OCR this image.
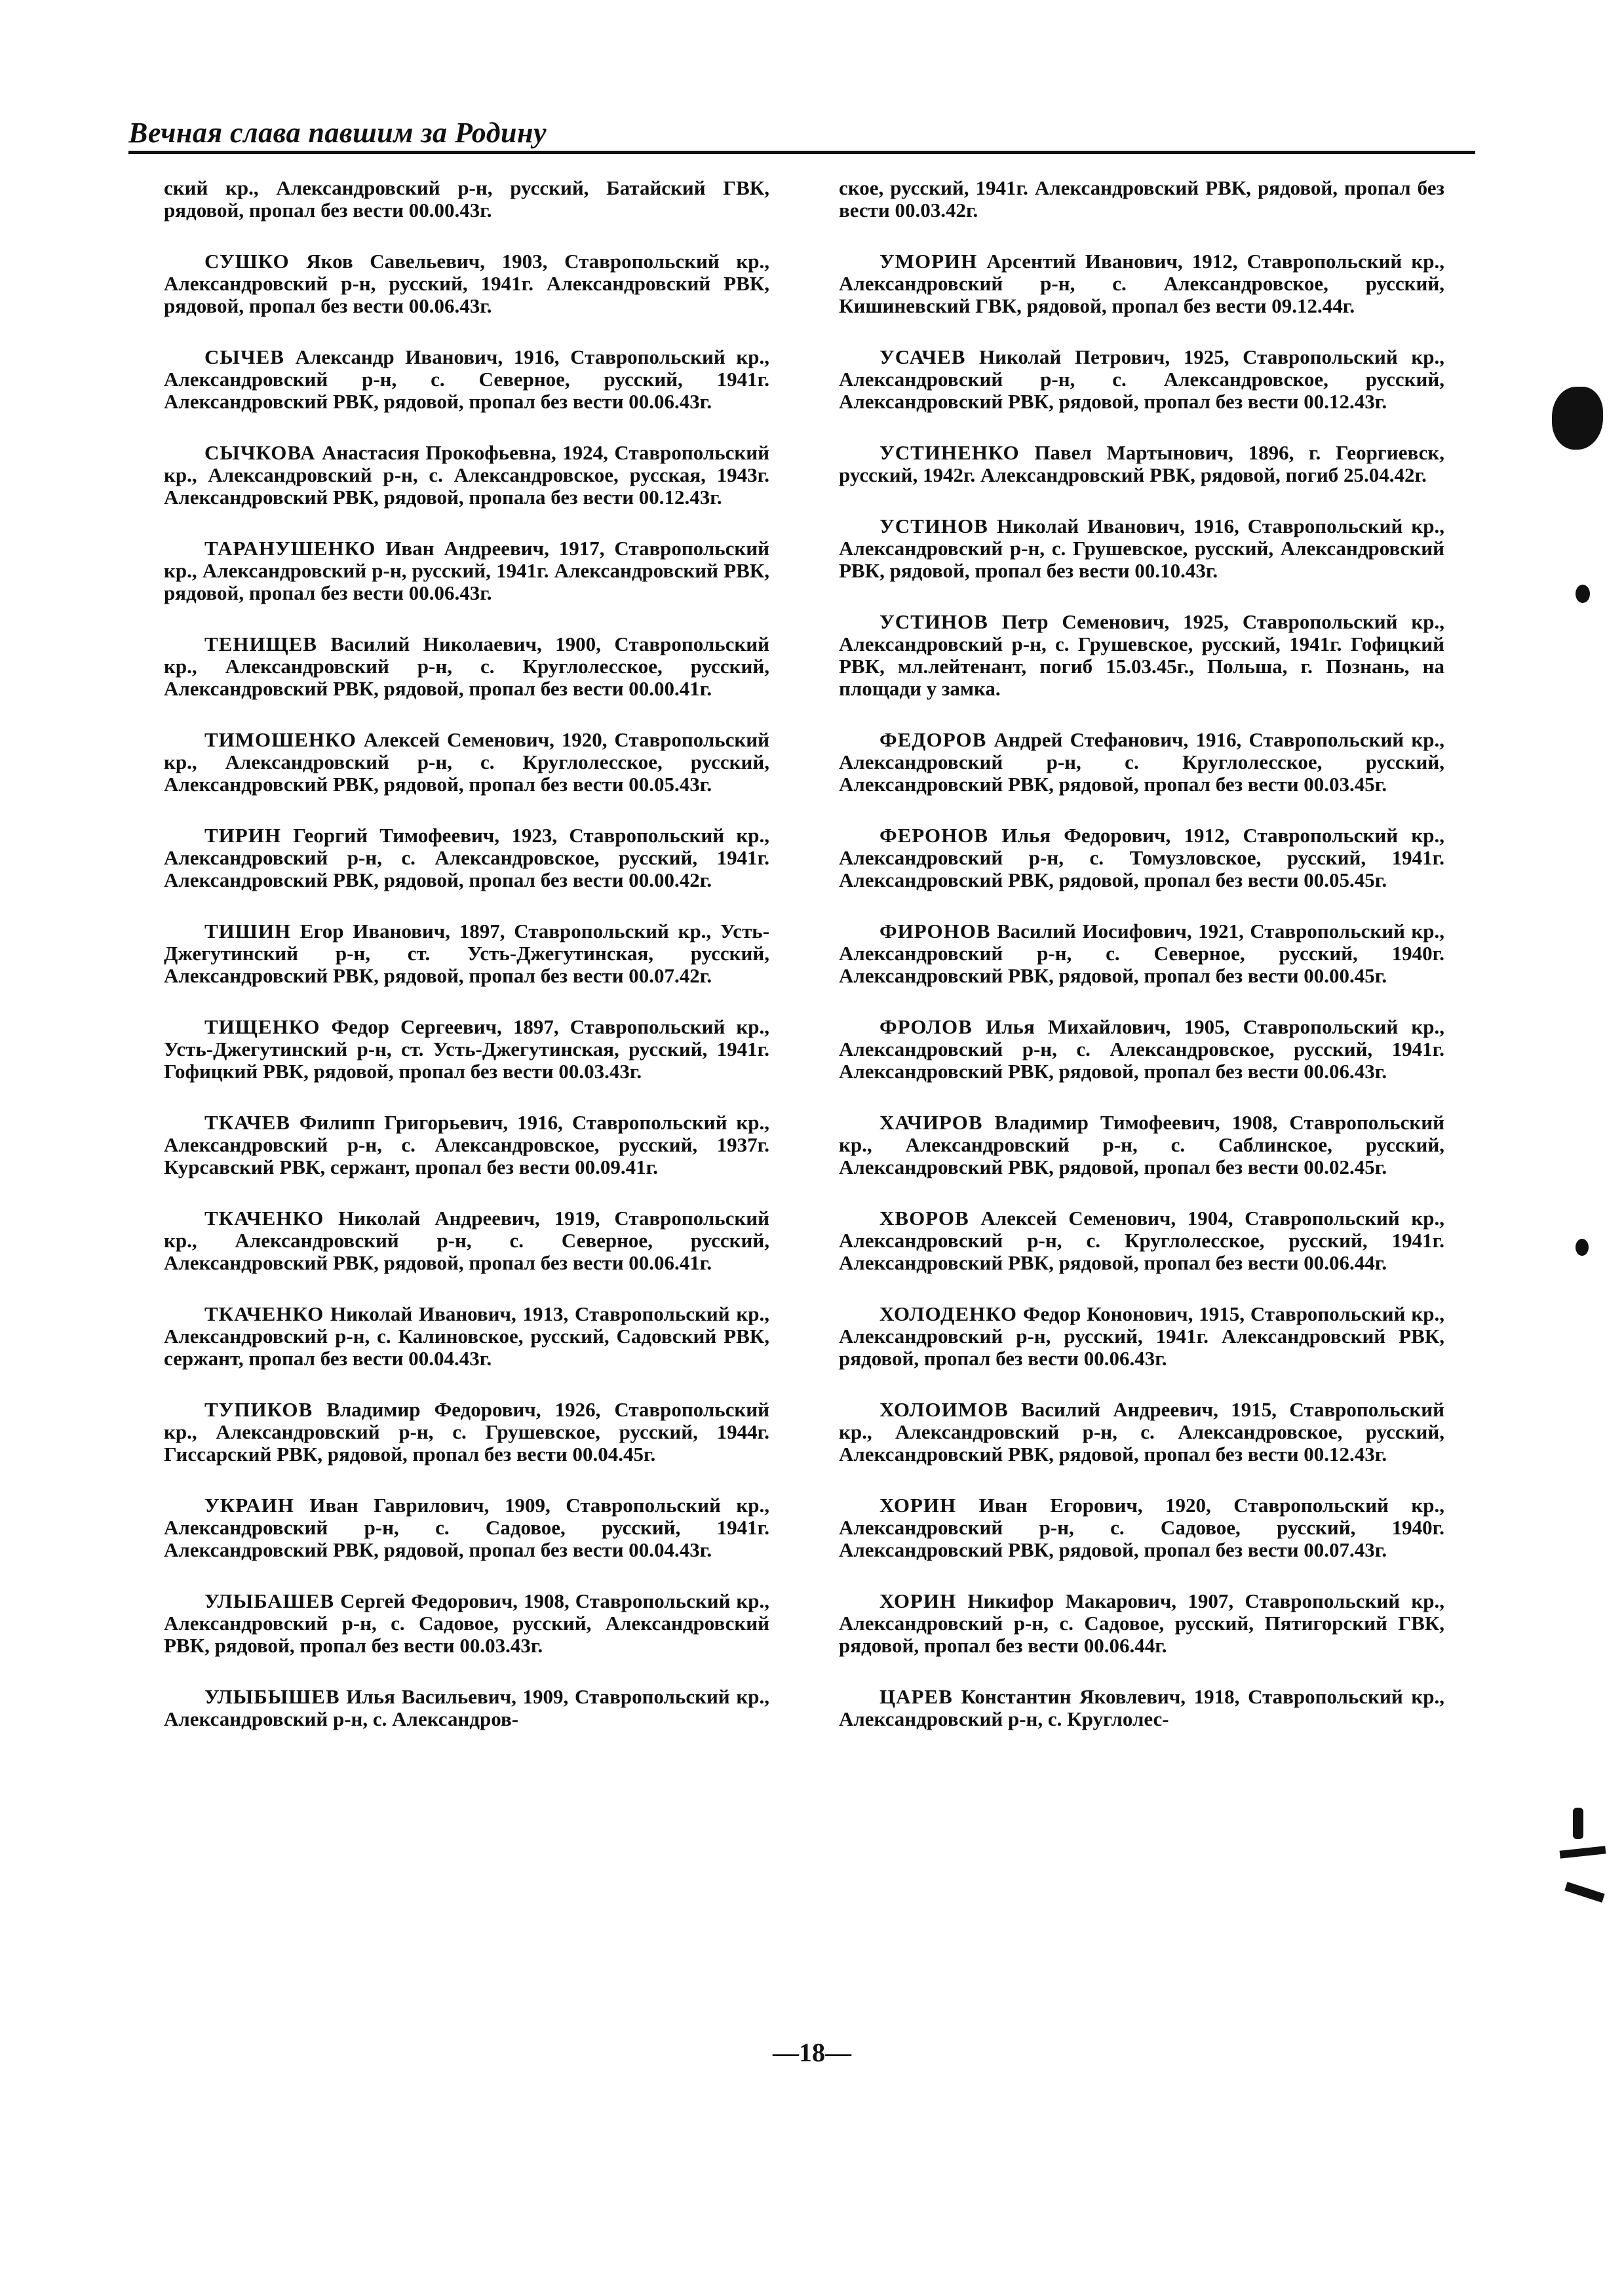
Вечная слава павшим за Родину

ский кр., Александровский р-н, русский, Батайский ГВК, рядовой, пропал без вести 00.00.43г.

СУШКО Яков Савельевич, 1903, Ставропольский кр., Александровский р-н, русский, 1941г. Александровский РВК, рядовой, пропал без вести 00.06.43г.

СЫЧЕВ Александр Иванович, 1916, Ставропольский кр., Александровский р-н, с. Северное, русский, 1941г. Александровский РВК, рядовой, пропал без вести 00.06.43г.

СЫЧКОВА Анастасия Прокофьевна, 1924, Ставропольский кр., Александровский р-н, с. Александровское, русская, 1943г. Александровский РВК, рядовой, пропала без вести 00.12.43г.

ТАРАНУШЕНКО Иван Андреевич, 1917, Ставропольский кр., Александровский р-н, русский, 1941г. Александровский РВК, рядовой, пропал без вести 00.06.43г.

ТЕНИЩЕВ Василий Николаевич, 1900, Ставропольский кр., Александровский р-н, с. Круглолесское, русский, Александровский РВК, рядовой, пропал без вести 00.00.41г.

ТИМОШЕНКО Алексей Семенович, 1920, Ставропольский кр., Александровский р-н, с. Круглолесское, русский, Александровский РВК, рядовой, пропал без вести 00.05.43г.

ТИРИН Георгий Тимофеевич, 1923, Ставропольский кр., Александровский р-н, с. Александровское, русский, 1941г. Александровский РВК, рядовой, пропал без вести 00.00.42г.

ТИШИН Егор Иванович, 1897, Ставропольский кр., Усть-Джегутинский р-н, ст. Усть-Джегутинская, русский, Александровский РВК, рядовой, пропал без вести 00.07.42г.

ТИЩЕНКО Федор Сергеевич, 1897, Ставропольский кр., Усть-Джегутинский р-н, ст. Усть-Джегутинская, русский, 1941г. Гофицкий РВК, рядовой, пропал без вести 00.03.43г.

ТКАЧЕВ Филипп Григорьевич, 1916, Ставропольский кр., Александровский р-н, с. Александровское, русский, 1937г. Курсавский РВК, сержант, пропал без вести 00.09.41г.

ТКАЧЕНКО Николай Андреевич, 1919, Ставропольский кр., Александровский р-н, с. Северное, русский, Александровский РВК, рядовой, пропал без вести 00.06.41г.

ТКАЧЕНКО Николай Иванович, 1913, Ставропольский кр., Александровский р-н, с. Калиновское, русский, Садовский РВК, сержант, пропал без вести 00.04.43г.

ТУПИКОВ Владимир Федорович, 1926, Ставропольский кр., Александровский р-н, с. Грушевское, русский, 1944г. Гиссарский РВК, рядовой, пропал без вести 00.04.45г.

УКРАИН Иван Гаврилович, 1909, Ставропольский кр., Александровский р-н, с. Садовое, русский, 1941г. Александровский РВК, рядовой, пропал без вести 00.04.43г.

УЛЫБАШЕВ Сергей Федорович, 1908, Ставропольский кр., Александровский р-н, с. Садовое, русский, Александровский РВК, рядовой, пропал без вести 00.03.43г.

УЛЫБЫШЕВ Илья Васильевич, 1909, Ставропольский кр., Александровский р-н, с. Александров-

ское, русский, 1941г. Александровский РВК, рядовой, пропал без вести 00.03.42г.

УМОРИН Арсентий Иванович, 1912, Ставропольский кр., Александровский р-н, с. Александровское, русский, Кишиневский ГВК, рядовой, пропал без вести 09.12.44г.

УСАЧЕВ Николай Петрович, 1925, Ставропольский кр., Александровский р-н, с. Александровское, русский, Александровский РВК, рядовой, пропал без вести 00.12.43г.

УСТИНЕНКО Павел Мартынович, 1896, г. Георгиевск, русский, 1942г. Александровский РВК, рядовой, погиб 25.04.42г.

УСТИНОВ Николай Иванович, 1916, Ставропольский кр., Александровский р-н, с. Грушевское, русский, Александровский РВК, рядовой, пропал без вести 00.10.43г.

УСТИНОВ Петр Семенович, 1925, Ставропольский кр., Александровский р-н, с. Грушевское, русский, 1941г. Гофицкий РВК, мл.лейтенант, погиб 15.03.45г., Польша, г. Познань, на площади у замка.

ФЕДОРОВ Андрей Стефанович, 1916, Ставропольский кр., Александровский р-н, с. Круглолесское, русский, Александровский РВК, рядовой, пропал без вести 00.03.45г.

ФЕРОНОВ Илья Федорович, 1912, Ставропольский кр., Александровский р-н, с. Томузловское, русский, 1941г. Александровский РВК, рядовой, пропал без вести 00.05.45г.

ФИРОНОВ Василий Иосифович, 1921, Ставропольский кр., Александровский р-н, с. Северное, русский, 1940г. Александровский РВК, рядовой, пропал без вести 00.00.45г.

ФРОЛОВ Илья Михайлович, 1905, Ставропольский кр., Александровский р-н, с. Александровское, русский, 1941г. Александровский РВК, рядовой, пропал без вести 00.06.43г.

ХАЧИРОВ Владимир Тимофеевич, 1908, Ставропольский кр., Александровский р-н, с. Саблинское, русский, Александровский РВК, рядовой, пропал без вести 00.02.45г.

ХВОРОВ Алексей Семенович, 1904, Ставропольский кр., Александровский р-н, с. Круглолесское, русский, 1941г. Александровский РВК, рядовой, пропал без вести 00.06.44г.

ХОЛОДЕНКО Федор Кононович, 1915, Ставропольский кр., Александровский р-н, русский, 1941г. Александровский РВК, рядовой, пропал без вести 00.06.43г.

ХОЛОИМОВ Василий Андреевич, 1915, Ставропольский кр., Александровский р-н, с. Александровское, русский, Александровский РВК, рядовой, пропал без вести 00.12.43г.

ХОРИН Иван Егорович, 1920, Ставропольский кр., Александровский р-н, с. Садовое, русский, 1940г. Александровский РВК, рядовой, пропал без вести 00.07.43г.

ХОРИН Никифор Макарович, 1907, Ставропольский кр., Александровский р-н, с. Садовое, русский, Пятигорский ГВК, рядовой, пропал без вести 00.06.44г.

ЦАРЕВ Константин Яковлевич, 1918, Ставропольский кр., Александровский р-н, с. Круглолес-

—18—
